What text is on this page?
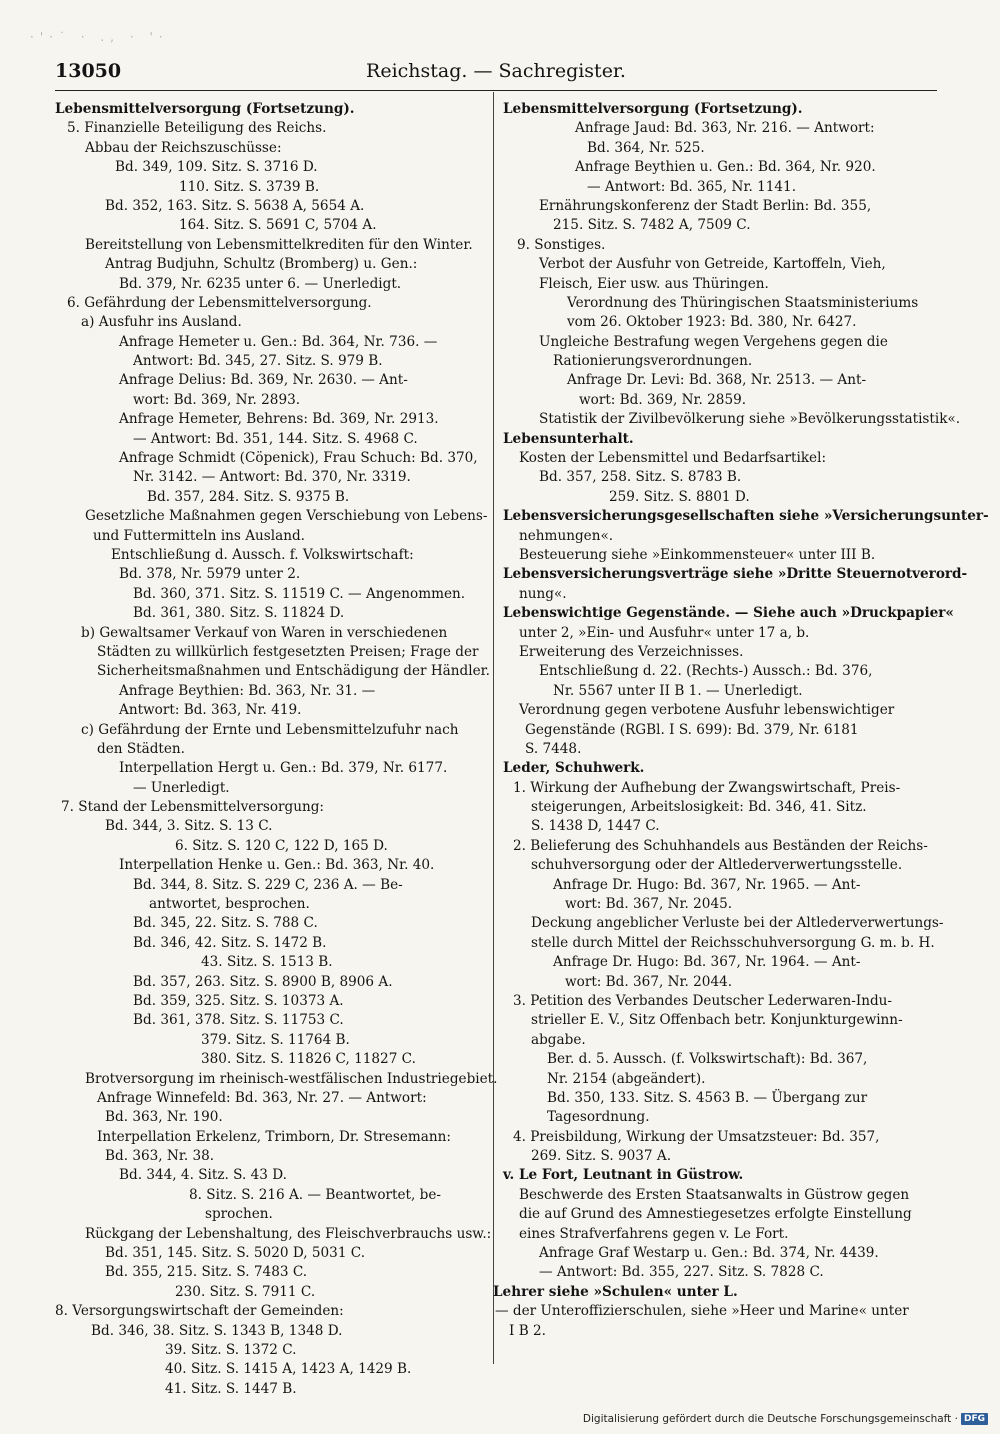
·'·˙ · ., · '·
13050	Reichstag. — Sachregister.
Lebensmittelversorgung (Fortsetzung).
5. Finanzielle Beteiligung des Reichs.
Abbau der Reichszuschüsse:
Bd. 349, 109. Sitz. S. 3716 D.
110. Sitz. S. 3739 B.
Bd. 352, 163. Sitz. S. 5638 A, 5654 A.
164. Sitz. S. 5691 C, 5704 A.
Bereitstellung von Lebensmittelkrediten für den Winter.
Antrag Budjuhn, Schultz (Bromberg) u. Gen.:
Bd. 379, Nr. 6235 unter 6. — Unerledigt.
6. Gefährdung der Lebensmittelversorgung.
a) Ausfuhr ins Ausland.
Anfrage Hemeter u. Gen.: Bd. 364, Nr. 736. —
Antwort: Bd. 345, 27. Sitz. S. 979 B.
Anfrage Delius: Bd. 369, Nr. 2630. — Ant-
wort: Bd. 369, Nr. 2893.
Anfrage Hemeter, Behrens: Bd. 369, Nr. 2913.
— Antwort: Bd. 351, 144. Sitz. S. 4968 C.
Anfrage Schmidt (Cöpenick), Frau Schuch: Bd. 370,
Nr. 3142. — Antwort: Bd. 370, Nr. 3319.
Bd. 357, 284. Sitz. S. 9375 B.
Gesetzliche Maßnahmen gegen Verschiebung von Lebens-
und Futtermitteln ins Ausland.
Entschließung d. Aussch. f. Volkswirtschaft:
Bd. 378, Nr. 5979 unter 2.
Bd. 360, 371. Sitz. S. 11519 C. — Angenommen.
Bd. 361, 380. Sitz. S. 11824 D.
b) Gewaltsamer Verkauf von Waren in verschiedenen
Städten zu willkürlich festgesetzten Preisen; Frage der
Sicherheitsmaßnahmen und Entschädigung der Händler.
Anfrage Beythien: Bd. 363, Nr. 31. —
Antwort: Bd. 363, Nr. 419.
c) Gefährdung der Ernte und Lebensmittelzufuhr nach
den Städten.
Interpellation Hergt u. Gen.: Bd. 379, Nr. 6177.
— Unerledigt.
7. Stand der Lebensmittelversorgung:
Bd. 344, 3. Sitz. S. 13 C.
6. Sitz. S. 120 C, 122 D, 165 D.
Interpellation Henke u. Gen.: Bd. 363, Nr. 40.
Bd. 344, 8. Sitz. S. 229 C, 236 A. — Be-
antwortet, besprochen.
Bd. 345, 22. Sitz. S. 788 C.
Bd. 346, 42. Sitz. S. 1472 B.
43. Sitz. S. 1513 B.
Bd. 357, 263. Sitz. S. 8900 B, 8906 A.
Bd. 359, 325. Sitz. S. 10373 A.
Bd. 361, 378. Sitz. S. 11753 C.
379. Sitz. S. 11764 B.
380. Sitz. S. 11826 C, 11827 C.
Brotversorgung im rheinisch-westfälischen Industriegebiet.
Anfrage Winnefeld: Bd. 363, Nr. 27. — Antwort:
Bd. 363, Nr. 190.
Interpellation Erkelenz, Trimborn, Dr. Stresemann:
Bd. 363, Nr. 38.
Bd. 344, 4. Sitz. S. 43 D.
8. Sitz. S. 216 A. — Beantwortet, be-
sprochen.
Rückgang der Lebenshaltung, des Fleischverbrauchs usw.:
Bd. 351, 145. Sitz. S. 5020 D, 5031 C.
Bd. 355, 215. Sitz. S. 7483 C.
230. Sitz. S. 7911 C.
8. Versorgungswirtschaft der Gemeinden:
Bd. 346, 38. Sitz. S. 1343 B, 1348 D.
39. Sitz. S. 1372 C.
40. Sitz. S. 1415 A, 1423 A, 1429 B.
41. Sitz. S. 1447 B.
Lebensmittelversorgung (Fortsetzung).
Anfrage Jaud: Bd. 363, Nr. 216. — Antwort:
Bd. 364, Nr. 525.
Anfrage Beythien u. Gen.: Bd. 364, Nr. 920.
— Antwort: Bd. 365, Nr. 1141.
Ernährungskonferenz der Stadt Berlin: Bd. 355,
215. Sitz. S. 7482 A, 7509 C.
9. Sonstiges.
Verbot der Ausfuhr von Getreide, Kartoffeln, Vieh,
Fleisch, Eier usw. aus Thüringen.
Verordnung des Thüringischen Staatsministeriums
vom 26. Oktober 1923: Bd. 380, Nr. 6427.
Ungleiche Bestrafung wegen Vergehens gegen die
Rationierungsverordnungen.
Anfrage Dr. Levi: Bd. 368, Nr. 2513. — Ant-
wort: Bd. 369, Nr. 2859.
Statistik der Zivilbevölkerung siehe »Bevölkerungsstatistik«.
Lebensunterhalt.
Kosten der Lebensmittel und Bedarfsartikel:
Bd. 357, 258. Sitz. S. 8783 B.
259. Sitz. S. 8801 D.
Lebensversicherungsgesellschaften siehe »Versicherungsunter-
nehmungen«.
Besteuerung siehe »Einkommensteuer« unter III B.
Lebensversicherungsverträge siehe »Dritte Steuernotverord-
nung«.
Lebenswichtige Gegenstände. — Siehe auch »Druckpapier«
unter 2, »Ein- und Ausfuhr« unter 17 a, b.
Erweiterung des Verzeichnisses.
Entschließung d. 22. (Rechts-) Aussch.: Bd. 376,
Nr. 5567 unter II B 1. — Unerledigt.
Verordnung gegen verbotene Ausfuhr lebenswichtiger
Gegenstände (RGBl. I S. 699): Bd. 379, Nr. 6181
S. 7448.
Leder, Schuhwerk.
1. Wirkung der Aufhebung der Zwangswirtschaft, Preis-
steigerungen, Arbeitslosigkeit: Bd. 346, 41. Sitz.
S. 1438 D, 1447 C.
2. Belieferung des Schuhhandels aus Beständen der Reichs-
schuhversorgung oder der Altlederverwertungsstelle.
Anfrage Dr. Hugo: Bd. 367, Nr. 1965. — Ant-
wort: Bd. 367, Nr. 2045.
Deckung angeblicher Verluste bei der Altlederverwertungs-
stelle durch Mittel der Reichsschuhversorgung G. m. b. H.
Anfrage Dr. Hugo: Bd. 367, Nr. 1964. — Ant-
wort: Bd. 367, Nr. 2044.
3. Petition des Verbandes Deutscher Lederwaren-Indu-
strieller E. V., Sitz Offenbach betr. Konjunkturgewinn-
abgabe.
Ber. d. 5. Aussch. (f. Volkswirtschaft): Bd. 367,
Nr. 2154 (abgeändert).
Bd. 350, 133. Sitz. S. 4563 B. — Übergang zur
Tagesordnung.
4. Preisbildung, Wirkung der Umsatzsteuer: Bd. 357,
269. Sitz. S. 9037 A.
v. Le Fort, Leutnant in Güstrow.
Beschwerde des Ersten Staatsanwalts in Güstrow gegen
die auf Grund des Amnestiegesetzes erfolgte Einstellung
eines Strafverfahrens gegen v. Le Fort.
Anfrage Graf Westarp u. Gen.: Bd. 374, Nr. 4439.
— Antwort: Bd. 355, 227. Sitz. S. 7828 C.
Lehrer siehe »Schulen« unter L.
— der Unteroffizierschulen, siehe »Heer und Marine« unter
I B 2.
Digitalisierung gefördert durch die Deutsche Forschungsgemeinschaft · DFG
